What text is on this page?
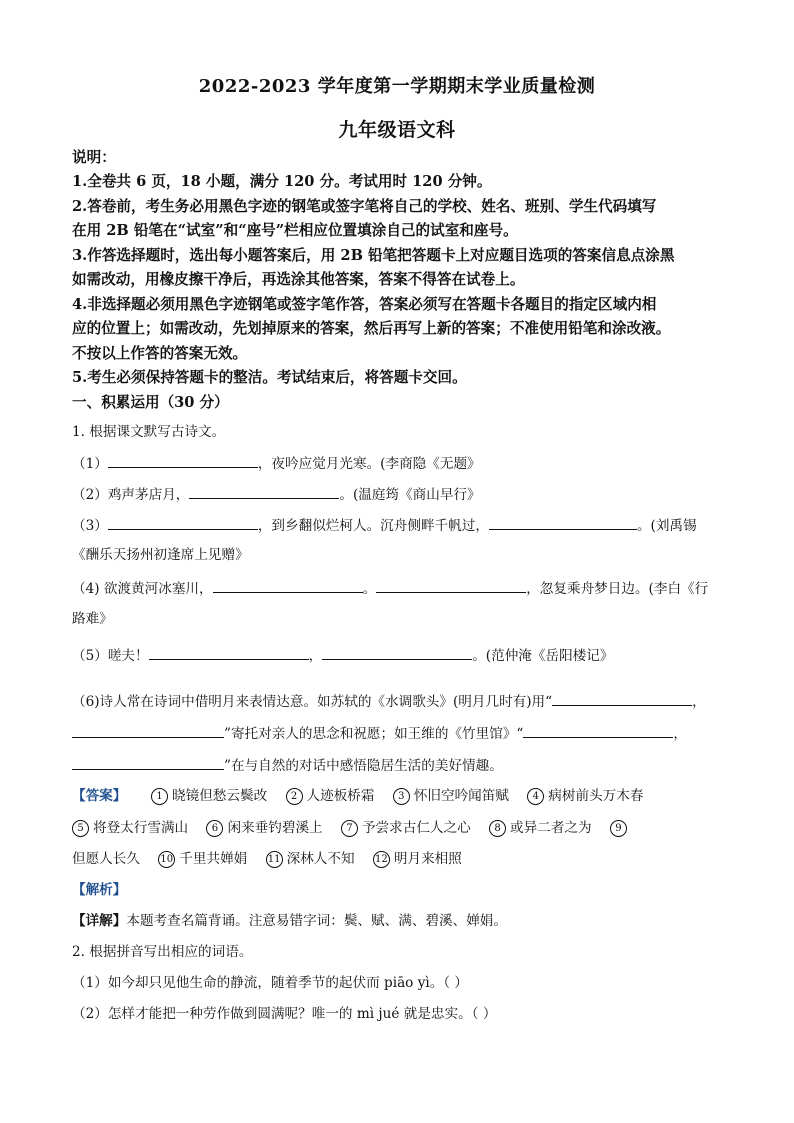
2022-2023 学年度第一学期期末学业质量检测
九年级语文科
说明：
1.全卷共 6 页，18 小题，满分 120 分。考试用时 120 分钟。
2.答卷前，考生务必用黑色字迹的钢笔或签字笔将自己的学校、姓名、班别、学生代码填写
在用 2B 铅笔在“试室”和“座号”栏相应位置填涂自己的试室和座号。
3.作答选择题时，选出每小题答案后，用 2B 铅笔把答题卡上对应题目选项的答案信息点涂黑
如需改动，用橡皮擦干净后，再选涂其他答案，答案不得答在试卷上。
4.非选择题必须用黑色字迹钢笔或签字笔作答，答案必须写在答题卡各题目的指定区域内相
应的位置上；如需改动，先划掉原来的答案，然后再写上新的答案；不准使用铅笔和涂改液。
不按以上作答的答案无效。
5.考生必须保持答题卡的整洁。考试结束后，将答题卡交回。
一、积累运用（30 分）
1. 根据课文默写古诗文。
（1）	，夜吟应觉月光寒。(李商隐《无题》
（2）鸡声茅店月，	。(温庭筠《商山早行》
（3）	，到乡翻似烂柯人。沉舟侧畔千帆过，	。(刘禹锡
《酬乐天扬州初逢席上见赠》
（4) 欲渡黄河冰塞川，	。	，忽复乘舟梦日边。(李白《行
路难》
（5）嗟夫！	，	。(范仲淹《岳阳楼记》
（6)诗人常在诗词中借明月来表情达意。如苏轼的《水调歌头》(明月几时有)用“	，
”寄托对亲人的思念和祝愿；如王维的《竹里馆》“	，
”在与自然的对话中感悟隐居生活的美好情趣。
【答案】	1 晓镜但愁云鬓改 2 人迹板桥霜 3 怀旧空吟闻笛赋 4 病树前头万木春
5 将登太行雪满山 6 闲来垂钓碧溪上 7 予尝求古仁人之心 8 或异二者之为 9
但愿人长久 10 千里共婵娟 11 深林人不知 12 明月来相照
【解析】
【详解】本题考查名篇背诵。注意易错字词：鬓、赋、满、碧溪、婵娟。
2. 根据拼音写出相应的词语。
（1）如今却只见他生命的静流，随着季节的起伏而 piāo yì。（ ）
（2）怎样才能把一种劳作做到圆满呢？唯一的 mì jué 就是忠实。（ ）
